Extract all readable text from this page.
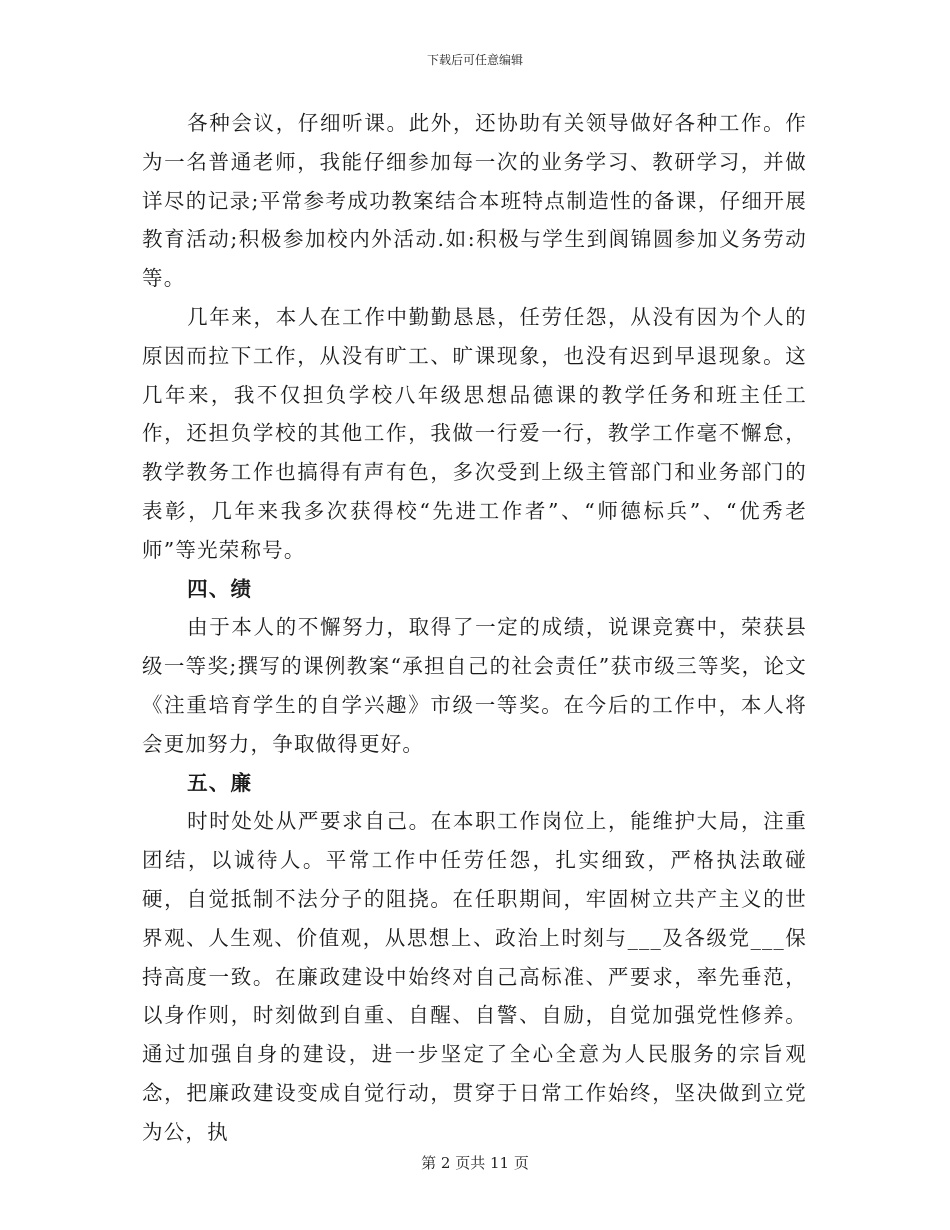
下载后可任意编辑

各种会议，仔细听课。此外，还协助有关领导做好各种工作。作为一名普通老师，我能仔细参加每一次的业务学习、教研学习，并做详尽的记录;平常参考成功教案结合本班特点制造性的备课，仔细开展教育活动;积极参加校内外活动.如:积极与学生到阆锦圆参加义务劳动等。

几年来，本人在工作中勤勤恳恳，任劳任怨，从没有因为个人的原因而拉下工作，从没有旷工、旷课现象，也没有迟到早退现象。这几年来，我不仅担负学校八年级思想品德课的教学任务和班主任工作，还担负学校的其他工作，我做一行爱一行，教学工作毫不懈怠，教学教务工作也搞得有声有色，多次受到上级主管部门和业务部门的表彰，几年来我多次获得校“先进工作者”、“师德标兵”、“优秀老师”等光荣称号。

四、绩

由于本人的不懈努力，取得了一定的成绩，说课竞赛中，荣获县级一等奖;撰写的课例教案“承担自己的社会责任”获市级三等奖，论文《注重培育学生的自学兴趣》市级一等奖。在今后的工作中，本人将会更加努力，争取做得更好。

五、廉

时时处处从严要求自己。在本职工作岗位上，能维护大局，注重团结，以诚待人。平常工作中任劳任怨，扎实细致，严格执法敢碰硬，自觉抵制不法分子的阻挠。在任职期间，牢固树立共产主义的世界观、人生观、价值观，从思想上、政治上时刻与___及各级党___保持高度一致。在廉政建设中始终对自己高标准、严要求，率先垂范，以身作则，时刻做到自重、自醒、自警、自励，自觉加强党性修养。通过加强自身的建设，进一步坚定了全心全意为人民服务的宗旨观念，把廉政建设变成自觉行动，贯穿于日常工作始终，坚决做到立党为公，执

第 2 页共 11 页
